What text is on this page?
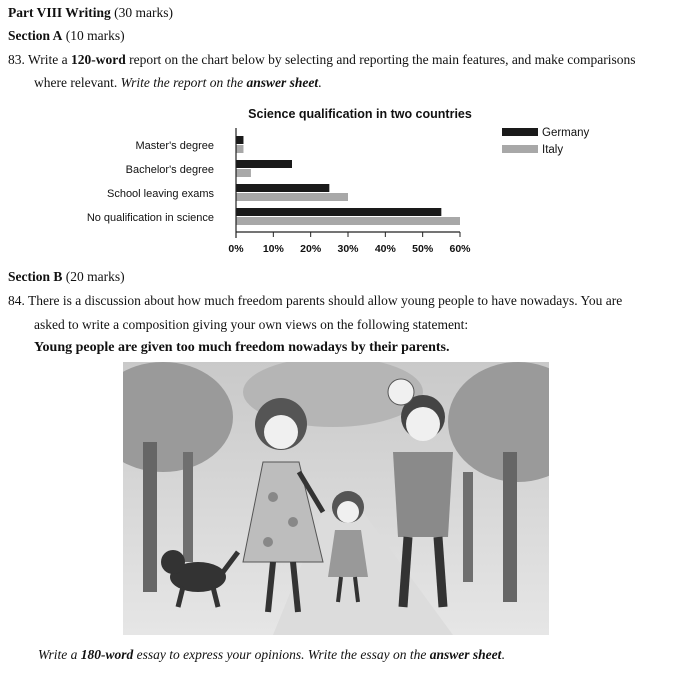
Part VIII Writing (30 marks)
Section A (10 marks)
83. Write a 120-word report on the chart below by selecting and reporting the main features, and make comparisons
where relevant. Write the report on the answer sheet.
Science qualification in two countries
Master's degree
Bachelor's degree
School leaving exams
No qualification in science
0% 10% 20% 30% 40% 50% 60%
Germany
Italy
Section B (20 marks)
84. There is a discussion about how much freedom parents should allow young people to have nowadays. You are
asked to write a composition giving your own views on the following statement:
Young people are given too much freedom nowadays by their parents.
Write a 180-word essay to express your opinions. Write the essay on the answer sheet.
